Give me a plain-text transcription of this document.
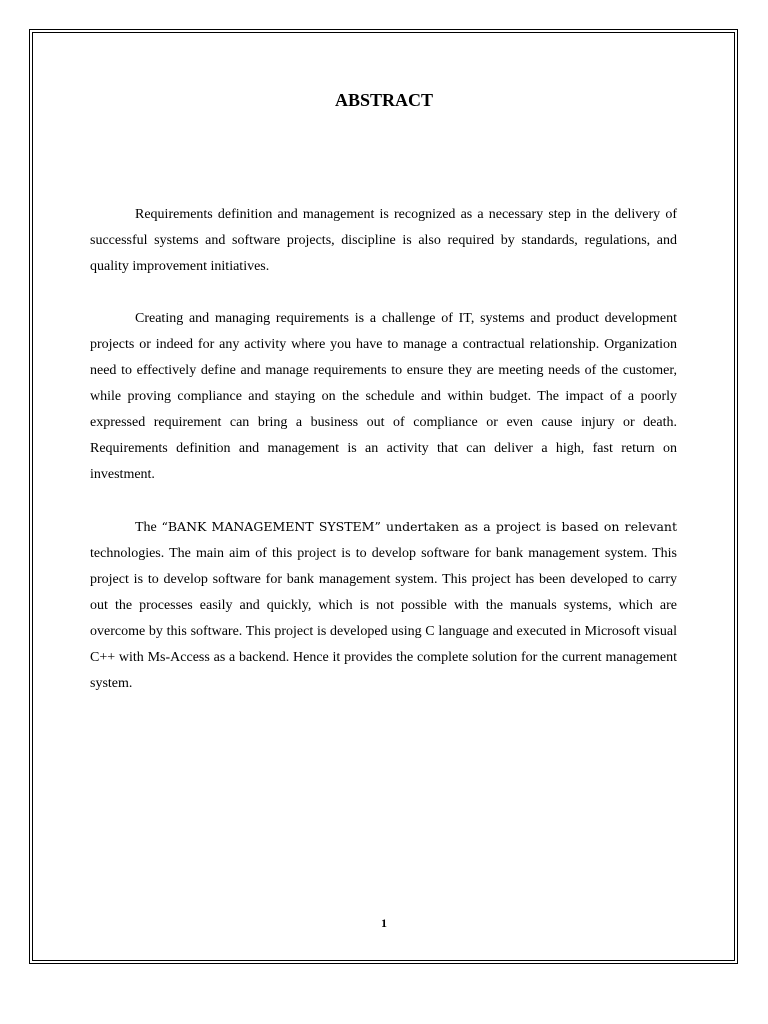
ABSTRACT

Requirements definition and management is recognized as a necessary step in the delivery of successful systems and software projects, discipline is also required by standards, regulations, and quality improvement initiatives.

Creating and managing requirements is a challenge of IT, systems and product development projects or indeed for any activity where you have to manage a contractual relationship. Organization need to effectively define and manage requirements to ensure they are meeting needs of the customer, while proving compliance and staying on the schedule and within budget. The impact of a poorly expressed requirement can bring a business out of compliance or even cause injury or death. Requirements definition and management is an activity that can deliver a high, fast return on investment.

The “BANK MANAGEMENT SYSTEM” undertaken as a project is based on relevant technologies. The main aim of this project is to develop software for bank management system. This project is to develop software for bank management system. This project has been developed to carry out the processes easily and quickly, which is not possible with the manuals systems, which are overcome by this software. This project is developed using C language and executed in Microsoft visual C++ with Ms-Access as a backend. Hence it provides the complete solution for the current management system.

1
